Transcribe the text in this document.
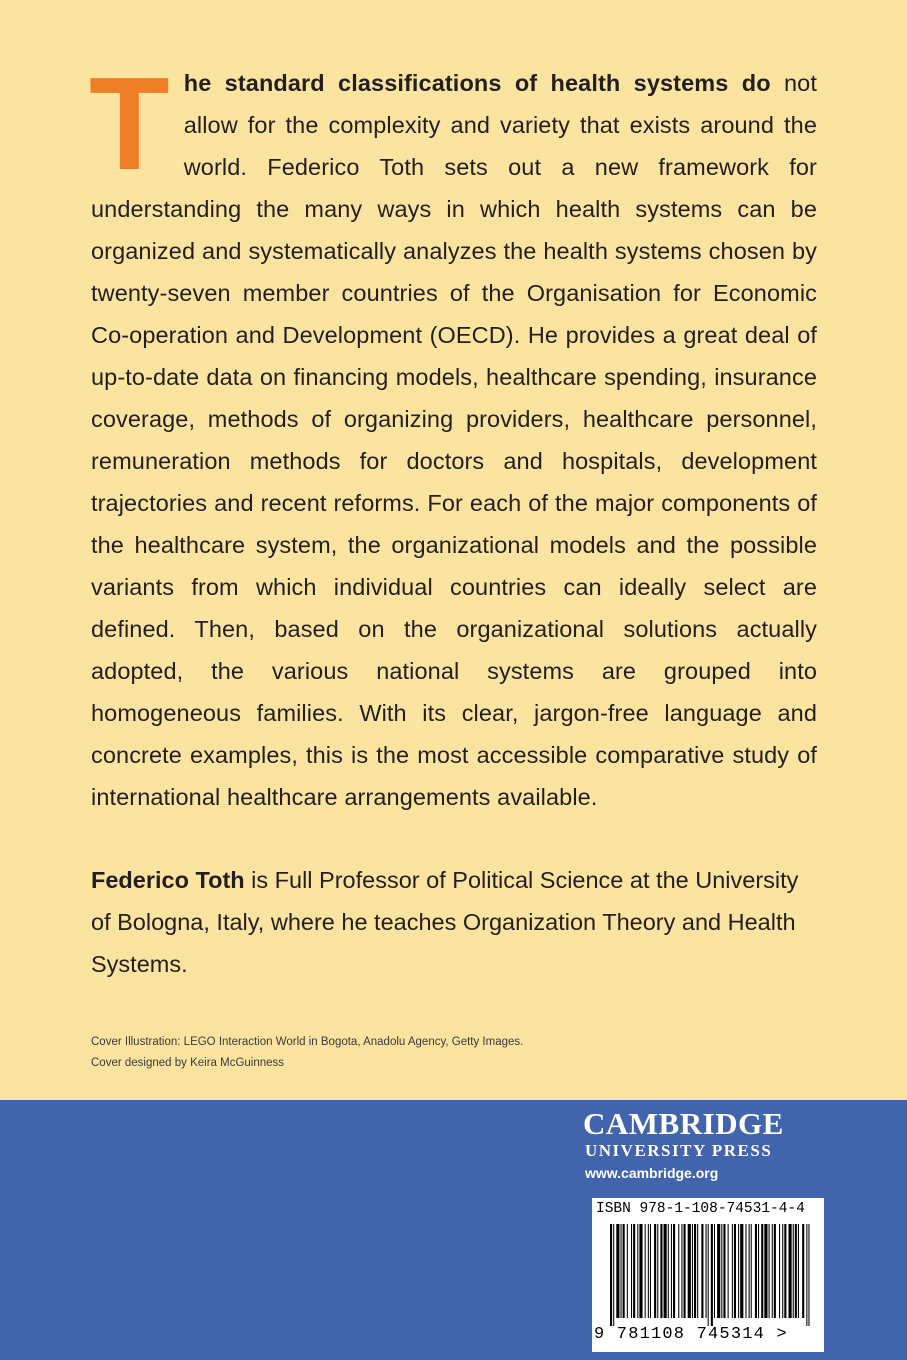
The standard classifications of health systems do not allow for the complexity and variety that exists around the world. Federico Toth sets out a new framework for understanding the many ways in which health systems can be organized and systematically analyzes the health systems chosen by twenty-seven member countries of the Organisation for Economic Co-operation and Development (OECD). He provides a great deal of up-to-date data on financing models, healthcare spending, insurance coverage, methods of organizing providers, healthcare personnel, remuneration methods for doctors and hospitals, development trajectories and recent reforms. For each of the major components of the healthcare system, the organizational models and the possible variants from which individual countries can ideally select are defined. Then, based on the organizational solutions actually adopted, the various national systems are grouped into homogeneous families. With its clear, jargon-free language and concrete examples, this is the most accessible comparative study of international healthcare arrangements available.
Federico Toth is Full Professor of Political Science at the University of Bologna, Italy, where he teaches Organization Theory and Health Systems.
Cover Illustration: LEGO Interaction World in Bogota, Anadolu Agency, Getty Images.
Cover designed by Keira McGuinness
CAMBRIDGE
UNIVERSITY PRESS
www.cambridge.org
ISBN 978-1-108-74531-4-4
9 781108 745314 >
